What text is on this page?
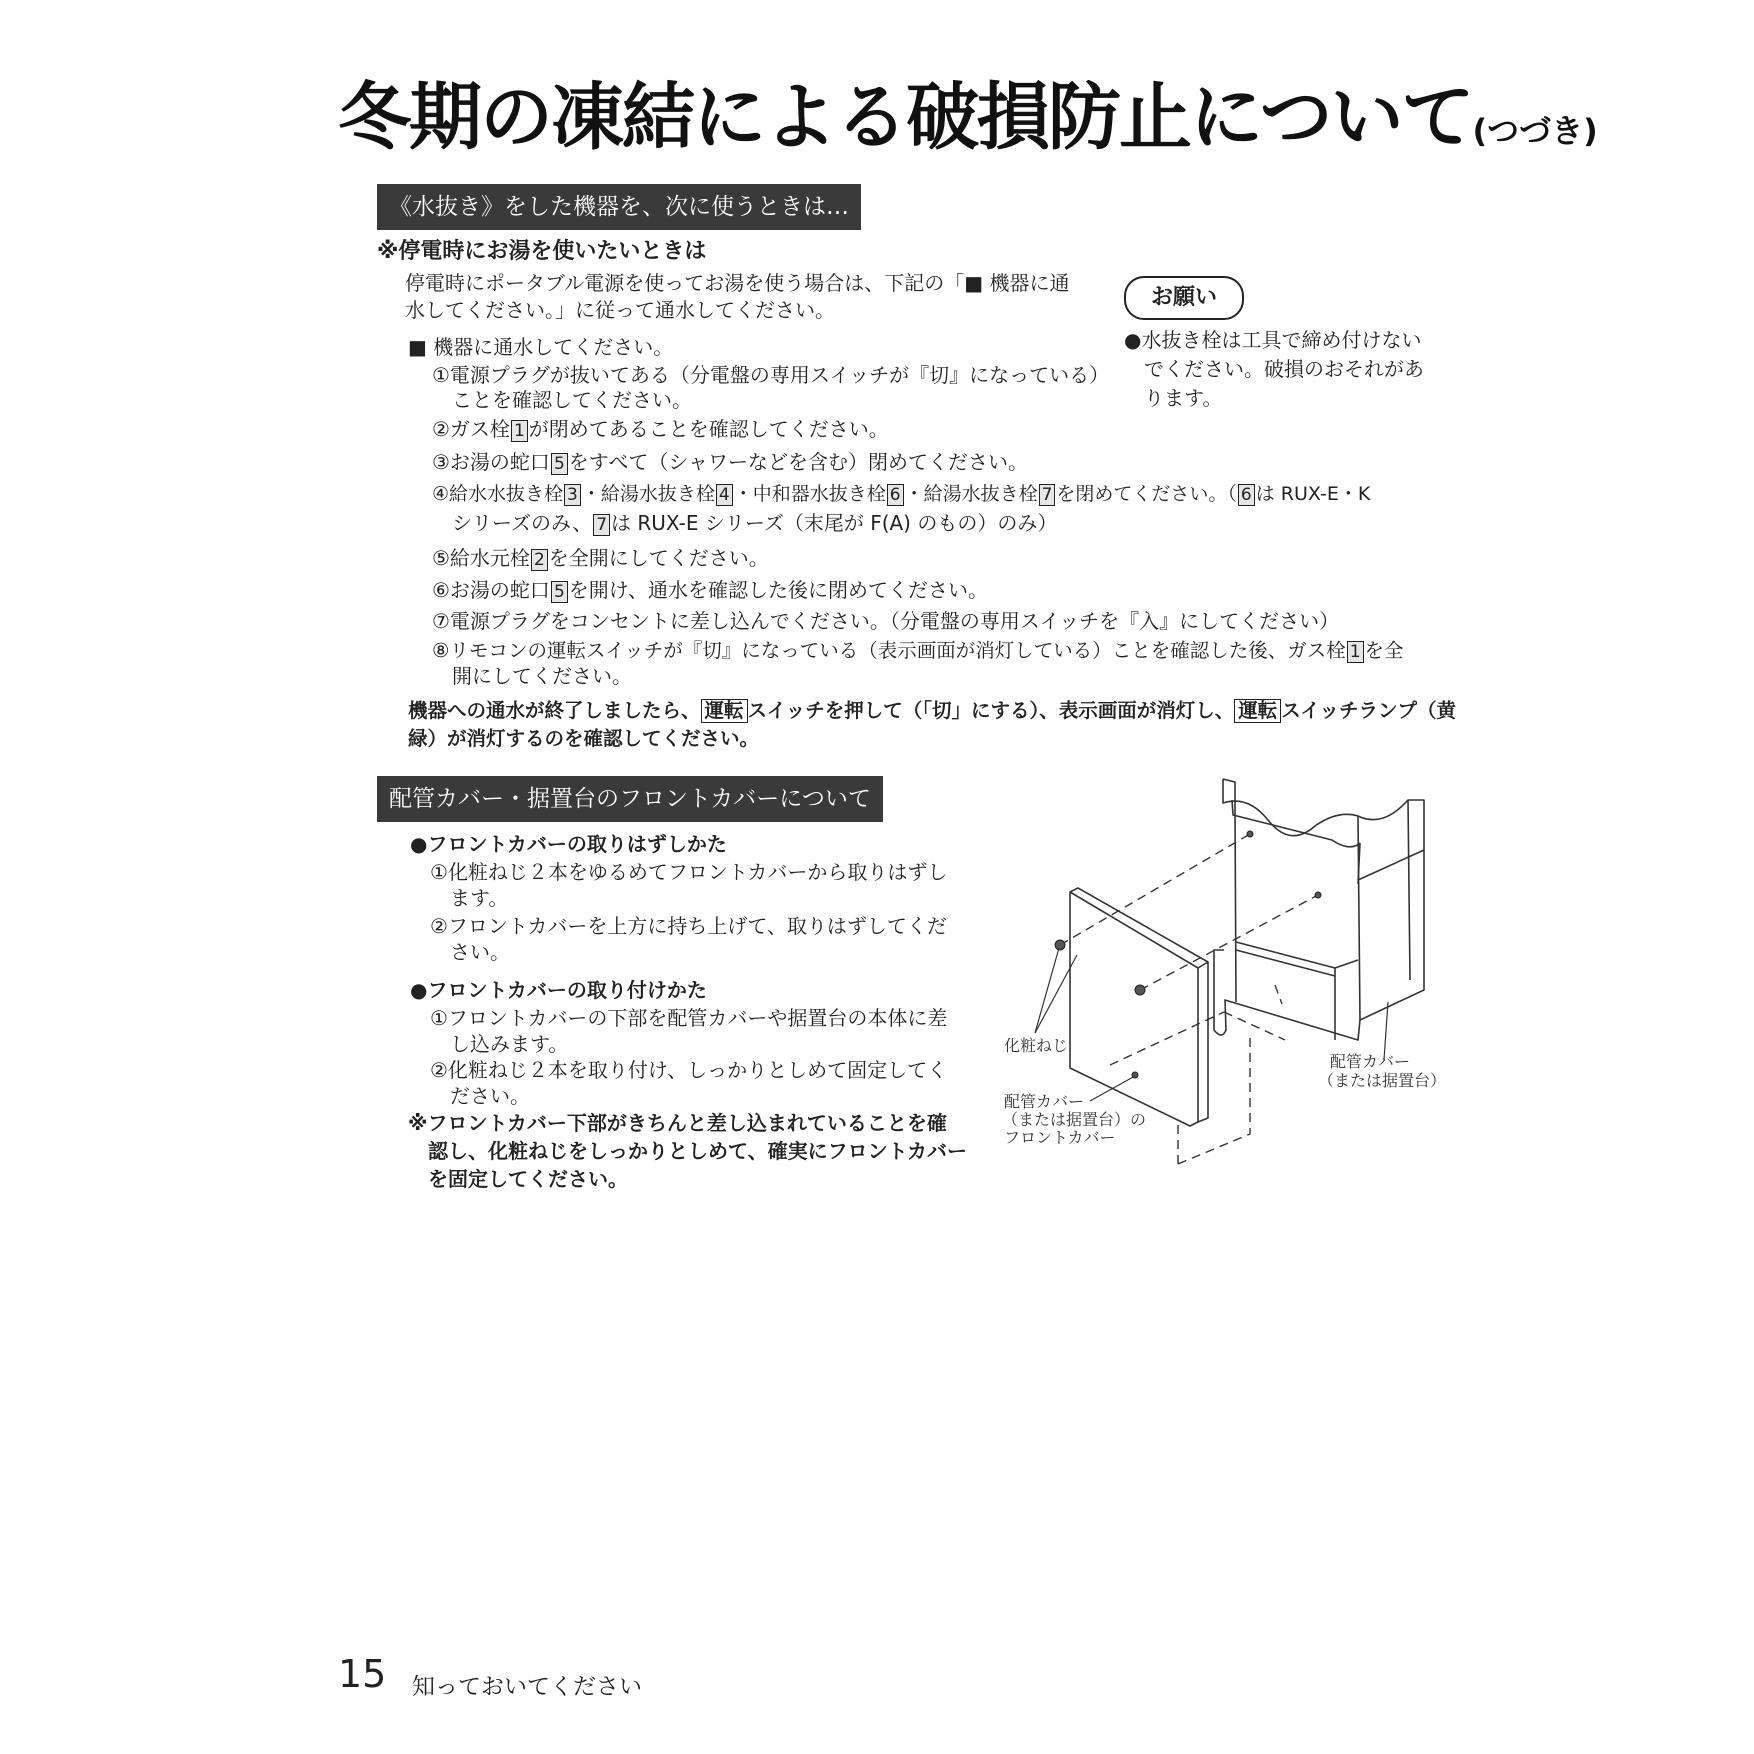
冬期の凍結による破損防止について(つづき)
《水抜き》をした機器を、次に使うときは…
※停電時にお湯を使いたいときは
停電時にポータブル電源を使ってお湯を使う場合は、下記の「■ 機器に通
水してください。」に従って通水してください。
■ 機器に通水してください。
①電源プラグが抜いてある（分電盤の専用スイッチが『切』になっている）
ことを確認してください。
②ガス栓 1 が閉めてあることを確認してください。
③お湯の蛇口 5 をすべて（シャワーなどを含む）閉めてください。
④給水水抜き栓 3 ・給湯水抜き栓 4 ・中和器水抜き栓 6 ・給湯水抜き栓 7 を閉めてください。（ 6 は RUX-E・K
シリーズのみ、 7 は RUX-E シリーズ（末尾が F(A) のもの）のみ）
⑤給水元栓 2 を全開にしてください。
⑥お湯の蛇口 5 を開け、通水を確認した後に閉めてください。
⑦電源プラグをコンセントに差し込んでください。（分電盤の専用スイッチを『入』にしてください）
⑧リモコンの運転スイッチが『切』になっている（表示画面が消灯している）ことを確認した後、ガス栓 1 を全
開にしてください。
機器への通水が終了しましたら、 運転 スイッチを押して（「切」にする）、表示画面が消灯し、 運転 スイッチランプ（黄
緑）が消灯するのを確認してください。
お願い
●水抜き栓は工具で締め付けない
でください。破損のおそれがあ
ります。
配管カバー・据置台のフロントカバーについて
●フロントカバーの取りはずしかた
①化粧ねじ２本をゆるめてフロントカバーから取りはずし
ます。
②フロントカバーを上方に持ち上げて、取りはずしてくだ
さい。
●フロントカバーの取り付けかた
①フロントカバーの下部を配管カバーや据置台の本体に差
し込みます。
②化粧ねじ２本を取り付け、しっかりとしめて固定してく
ださい。
※フロントカバー下部がきちんと差し込まれていることを確
認し、化粧ねじをしっかりとしめて、確実にフロントカバー
を固定してください。
化粧ねじ
配管カバー
（または据置台）の
フロントカバー
配管カバー
（または据置台）
15 知っておいてください
